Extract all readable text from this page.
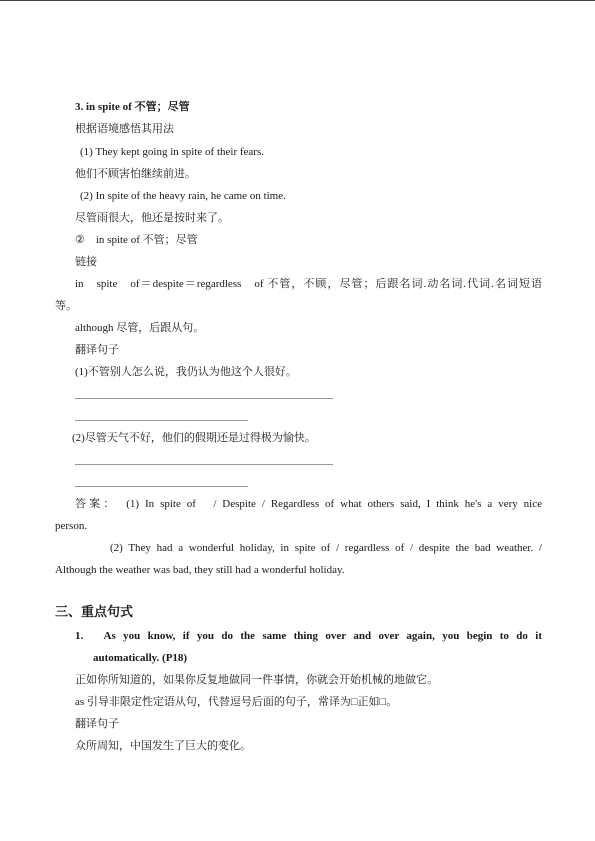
3. in spite of 不管；尽管
根据语境感悟其用法
(1) They kept going in spite of their fears.
他们不顾害怕继续前进。
(2) In spite of the heavy rain, he came on time.
尽管雨很大，他还是按时来了。
②　in spite of 不管；尽管
链接
in　spite　of＝despite＝regardless　of 不管，不顾，尽管；后跟名词.动名词.代词.名词短语
等。
although 尽管，后跟从句。
翻译句子
(1)不管别人怎么说，我仍认为他这个人很好。
(2)尽管天气不好，他们的假期还是过得极为愉快。
答案：　(1) In spite of　/ Despite / Regardless of what others said, I think he's a very nice
person.
(2) They had a wonderful holiday, in spite of / regardless of / despite the bad weather. /
Although the weather was bad, they still had a wonderful holiday.
三、重点句式
1.　As you know, if you do the same thing over and over again, you begin to do it
automatically. (P18)
正如你所知道的，如果你反复地做同一件事情，你就会开始机械的地做它。
as 引导非限定性定语从句，代替逗号后面的句子，常译为□正如□。
翻译句子
众所周知，中国发生了巨大的变化。
